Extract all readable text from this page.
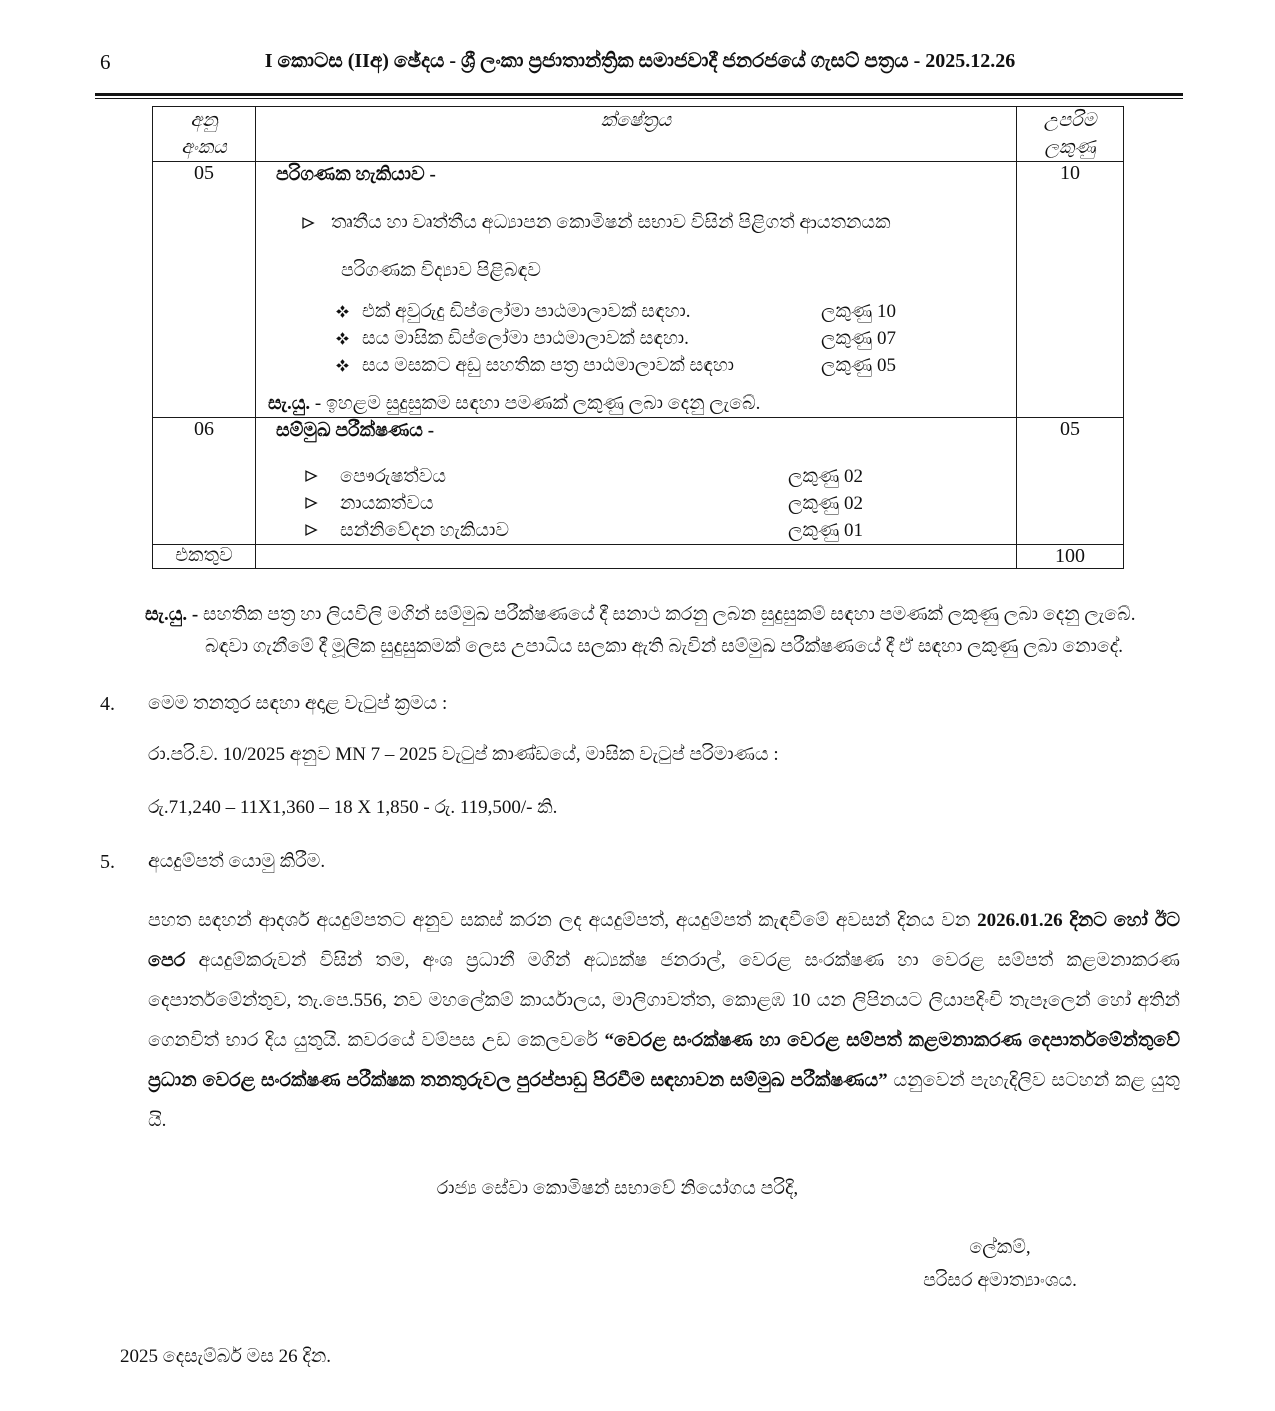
6	I කොටස (IIඅ) ඡේදය - ශ්‍රී ලංකා ප්‍රජාතාන්ත්‍රික සමාජවාදී ජනරජයේ ගැසට් පත්‍රය - 2025.12.26
අනු
අංකය
	ක්ෂේත්‍රය	උපරිම
ලකුණු

05	පරිගණක හැකියාව -
තෘතීය හා වෘත්තීය අධ්‍යාපන කොමිෂන් සභාව විසින් පිළිගත් ආයතනයක
පරිගණක විද්‍යාව පිළිබඳව
එක් අවුරුදු ඩිප්ලෝමා පාඨමාලාවක් සඳහා.	ලකුණු 10
සය මාසික ඩිප්ලෝමා පාඨමාලාවක් සඳහා.	ලකුණු 07
සය මසකට අඩු සහතික පත්‍ර පාඨමාලාවක් සඳහා	ලකුණු 05
සැ.යු. - ඉහළම සුදුසුකම සඳහා පමණක් ලකුණු ලබා දෙනු ලැබේ.
	10
06	සම්මුඛ පරීක්ෂණය -
පෞරුෂත්වය	ලකුණු 02
නායකත්වය	ලකුණු 02
සන්නිවේදන හැකියාව	ලකුණු 01
	05
එකතුව		100
සැ.යු. - සහතික පත්‍ර හා ලියවිලි මගින් සම්මුඛ පරීක්ෂණයේ දී සනාථ කරනු ලබන සුදුසුකම් සඳහා පමණක් ලකුණු ලබා දෙනු ලැබේ. බඳවා ගැනීමේ දී මූලික සුදුසුකමක් ලෙස උපාධිය සලකා ඇති බැවින් සම්මුඛ පරීක්ෂණයේ දී ඒ සඳහා ලකුණු ලබා නොදේ.
4.	මෙම තනතුර සඳහා අදාළ වැටුප් ක්‍රමය :
රා.පරි.ව. 10/2025 අනුව MN 7 – 2025 වැටුප් කාණ්ඩයේ, මාසික වැටුප් පරිමාණය :
රු.71,240 – 11X1,360 – 18 X 1,850 - රු. 119,500/- කි.
5.	අයදුම්පත් යොමු කිරීම.
පහත සඳහන් ආදර්ශ අයදුම්පතට අනුව සකස් කරන ලද අයදුම්පත්, අයදුම්පත් කැඳවීමේ අවසන් දිනය වන 2026.01.26 දිනට හෝ ඊට පෙර අයදුම්කරුවන් විසින් තම, අංශ ප්‍රධානී මගින් අධ්‍යක්ෂ ජනරාල්, වෙරළ සංරක්ෂණ හා වෙරළ සම්පත් කළමනාකරණ දෙපාර්තමේන්තුව, තැ.පෙ.556, නව මහලේකම් කාර්යාලය, මාලිගාවත්ත, කොළඹ 10 යන ලිපිනයට ලියාපදිංචි තැපෑලෙන් හෝ අතින් ගෙනවිත් භාර දිය යුතුයි. කවරයේ වම්පස උඩ කෙලවරේ “වෙරළ සංරක්ෂණ හා වෙරළ සම්පත් කළමනාකරණ දෙපාර්තමේන්තුවේ ප්‍රධාන වෙරළ සංරක්ෂණ පරීක්ෂක තනතුරුවල පුරප්පාඩු පිරවීම සඳහාවන සම්මුඛ පරීක්ෂණය” යනුවෙන් පැහැදිලිව සටහන් කළ යුතු යි.
රාජ්‍ය සේවා කොමිෂන් සභාවේ නියෝගය පරිදි,
ලේකම්,
පරිසර අමාත්‍යාංශය.
2025 දෙසැම්බර් මස 26 දින.
